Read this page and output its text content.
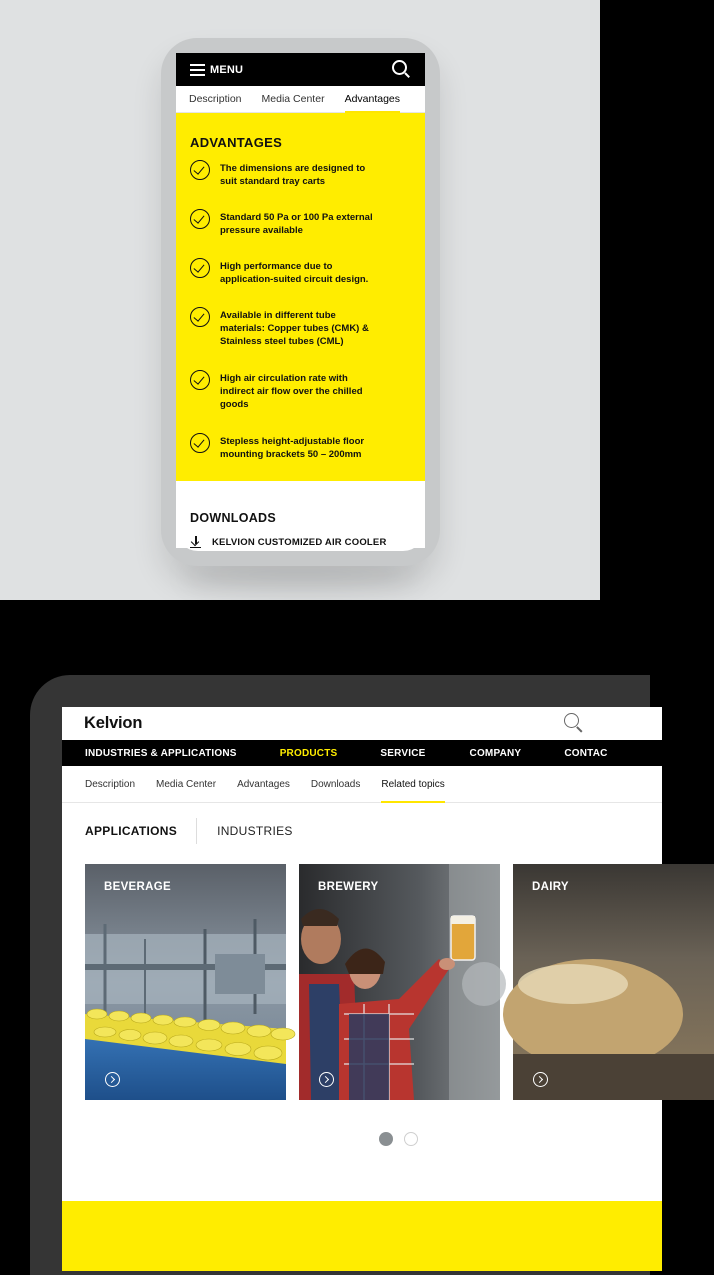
MENU
Description Media Center Advantages
ADVANTAGES
The dimensions are designed to suit standard tray carts
Standard 50 Pa or 100 Pa external pressure available
High performance due to application-suited circuit design.
Available in different tube materials: Copper tubes (CMK) & Stainless steel tubes (CML)
High air circulation rate with indirect air flow over the chilled goods
Stepless height-adjustable floor mounting brackets 50 – 200mm
DOWNLOADS
KELVION CUSTOMIZED AIR COOLER
Kelvion
INDUSTRIES & APPLICATIONS	PRODUCTS	SERVICE	COMPANY	CONTAC
Description Media Center Advantages Downloads Related topics
APPLICATIONS	INDUSTRIES
BEVERAGE	BREWERY	DAIRY
